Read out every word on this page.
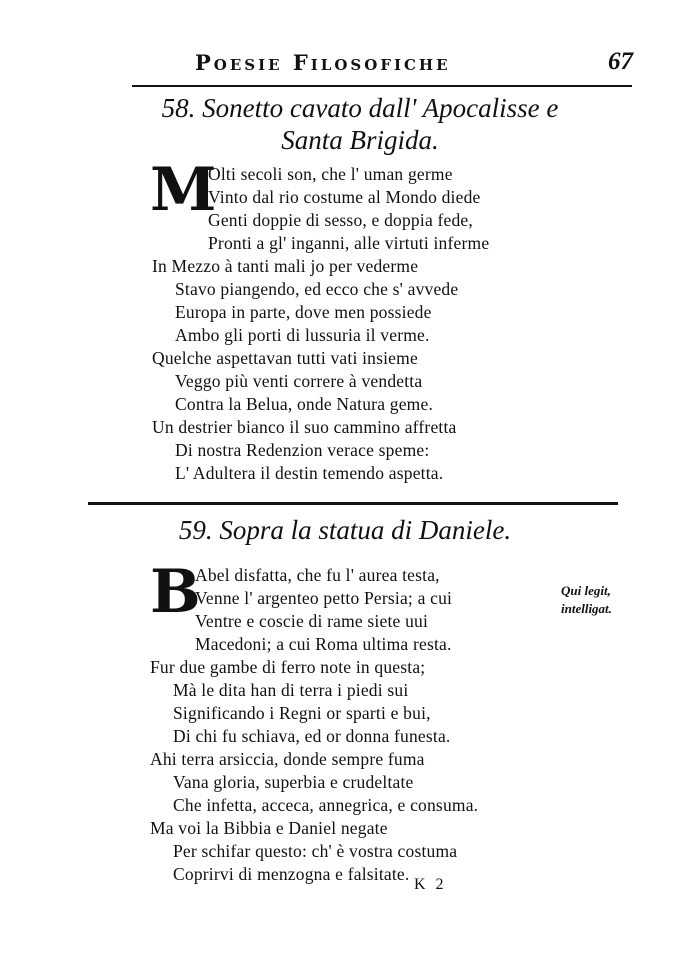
Poesie Filosofiche	67
58. Sonetto cavato dall' Apocalisse e
Santa Brigida.
M
Olti secoli son, che l' uman germe
Vinto dal rio costume al Mondo diede
Genti doppie di sesso, e doppia fede,
Pronti a gl' inganni, alle virtuti inferme
In Mezzo à tanti mali jo per vederme
Stavo piangendo, ed ecco che s' avvede
Europa in parte, dove men possiede
Ambo gli porti di lussuria il verme.
Quelche aspettavan tutti vati insieme
Veggo più venti correre à vendetta
Contra la Belua, onde Natura geme.
Un destrier bianco il suo cammino affretta
Di nostra Redenzion verace speme:
L' Adultera il destin temendo aspetta.
59. Sopra la statua di Daniele.
B
Abel disfatta, che fu l' aurea testa,
Venne l' argenteo petto Persia; a cui
Ventre e coscie di rame siete uui
Macedoni; a cui Roma ultima resta.
Fur due gambe di ferro note in questa;
Mà le dita han di terra i piedi sui
Significando i Regni or sparti e bui,
Di chi fu schiava, ed or donna funesta.
Ahi terra arsiccia, donde sempre fuma
Vana gloria, superbia e crudeltate
Che infetta, acceca, annegrica, e consuma.
Ma voi la Bibbia e Daniel negate
Per schifar questo: ch' è vostra costuma
Coprirvi di menzogna e falsitate.
Qui legit,
intelligat.
K 2
